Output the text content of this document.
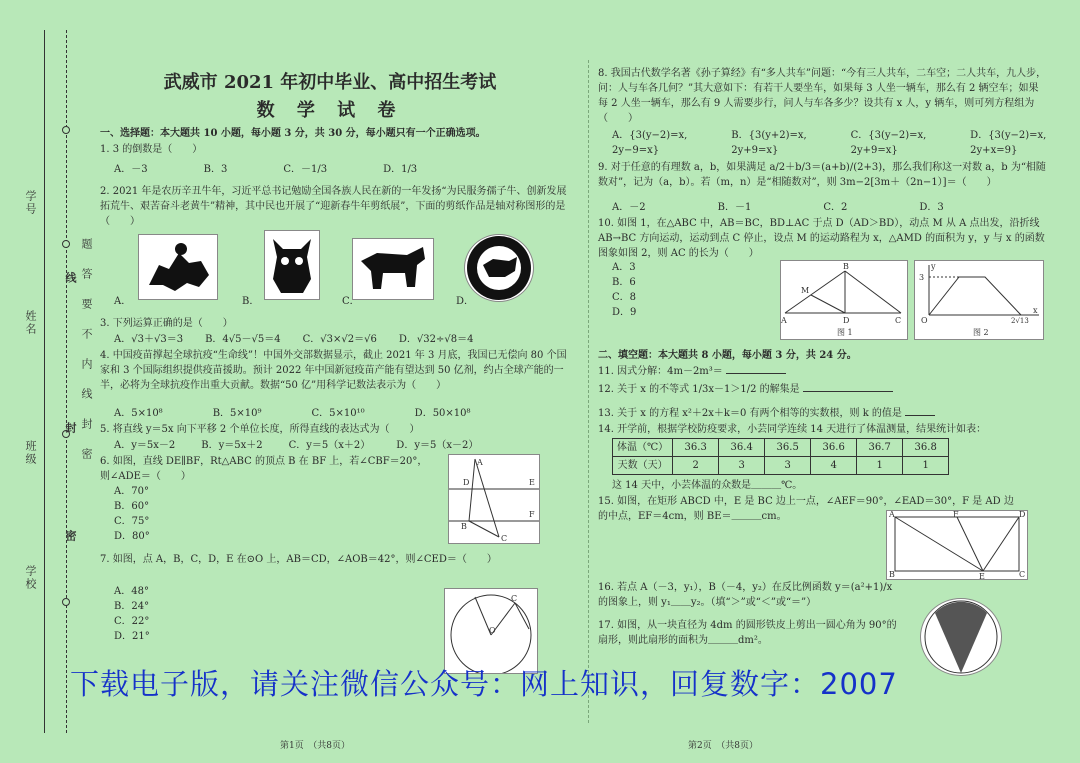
学号
姓名
班级
学校
题
答
要
不
内
线
封
密
线
封
密
武威市 2021 年初中毕业、高中招生考试
数 学 试 卷
一、选择题：本大题共 10 小题，每小题 3 分，共 30 分，每小题只有一个正确选项。
1. 3 的倒数是（　　）
A．－3	B．3	C．－1/3	D．1/3
2. 2021 年是农历辛丑牛年，习近平总书记勉励全国各族人民在新的一年发扬“为民服务孺子牛、创新发展拓荒牛、艰苦奋斗老黄牛”精神，其中民也开展了“迎新春牛年剪纸展”，下面的剪纸作品是轴对称图形的是（　　）
A．	B．	C．	D．
3. 下列运算正确的是（　　）
A．√3＋√3＝3 B．4√5－√5＝4 C．√3×√2＝√6 D．√32÷√8＝4
4. 中国疫苗撑起全球抗疫“生命线”！中国外交部数据显示，截止 2021 年 3 月底，我国已无偿向 80 个国家和 3 个国际组织提供疫苗援助。预计 2022 年中国新冠疫苗产能有望达到 50 亿剂，约占全球产能的一半，必将为全球抗疫作出重大贡献。数据“50 亿”用科学记数法表示为（　　）
A．5×10⁸	B．5×10⁹	C．5×10¹⁰	D．50×10⁸
5. 将直线 y＝5x 向下平移 2 个单位长度，所得直线的表达式为（　　）
A．y＝5x－2	B．y＝5x＋2	C．y＝5（x＋2）	D．y＝5（x－2）
6. 如图，直线 DE∥BF，Rt△ABC 的顶点 B 在 BF 上，若∠CBF＝20°，则∠ADE＝（　　）
A．70°
B．60°
C．75°
D．80°
A
D	E
B
F
C
7. 如图，点 A，B，C，D，E 在⊙O 上，AB＝CD，∠AOB＝42°，则∠CED＝（　　）
A．48°
B．24°
C．22°
D．21°
O
C
8. 我国古代数学名著《孙子算经》有“多人共车”问题：“今有三人共车，二车空；二人共车，九人步，问：人与车各几何？”其大意如下：有若干人要坐车，如果每 3 人坐一辆车，那么有 2 辆空车；如果每 2 人坐一辆车，那么有 9 人需要步行，问人与车各多少？设共有 x 人，y 辆车，则可列方程组为（　　）
A．{3(y−2)=x, 2y−9=x}
B．{3(y+2)=x, 2y+9=x}
C．{3(y−2)=x, 2y+9=x}
D．{3(y−2)=x, 2y+x=9}
9. 对于任意的有理数 a，b，如果满足 a/2＋b/3＝(a+b)/(2+3)，那么我们称这一对数 a，b 为“相随数对”，记为（a，b）。若（m，n）是“相随数对”，则 3m−2[3m＋（2n−1）]＝（　　）
A．－2	B．－1	C．2	D．3
10. 如图 1，在△ABC 中，AB＝BC，BD⊥AC 于点 D（AD＞BD），动点 M 从 A 点出发，沿折线 AB→BC 方向运动，运动到点 C 停止，设点 M 的运动路程为 x，△AMD 的面积为 y，y 与 x 的函数图象如图 2，则 AC 的长为（　　）
A．3
B．6
C．8
D．9
B
M
A	D	C
图 1
y
x
O
3
2√13
图 2
二、填空题：本大题共 8 小题，每小题 3 分，共 24 分。
11. 因式分解：4m－2m³＝
12. 关于 x 的不等式 1/3x－1＞1/2 的解集是
13. 关于 x 的方程 x²＋2x＋k＝0 有两个相等的实数根，则 k 的值是
14. 开学前，根据学校防疫要求，小芸同学连续 14 天进行了体温测量，结果统计如表：
体温（℃）	36.3	36.4	36.5	36.6	36.7	36.8
天数（天）	2	3	3	4	1	1
这 14 天中，小芸体温的众数是＿＿＿℃。
15. 如图，在矩形 ABCD 中，E 是 BC 边上一点，∠AEF＝90°，∠EAD＝30°，F 是 AD 边的中点，EF＝4cm，则 BE＝＿＿＿cm。	A	F	D
B	E	C
16. 若点 A（－3，y₁），B（－4，y₂）在反比例函数 y＝(a²+1)/x 的图象上，则 y₁＿＿y₂。（填“＞”或“＜”或“＝”）
17. 如图，从一块直径为 4dm 的圆形铁皮上剪出一圆心角为 90°的扇形，则此扇形的面积为＿＿＿dm²。
第1页　（共8页）	第2页　（共8页）
下载电子版，请关注微信公众号：网上知识，回复数字：2007
